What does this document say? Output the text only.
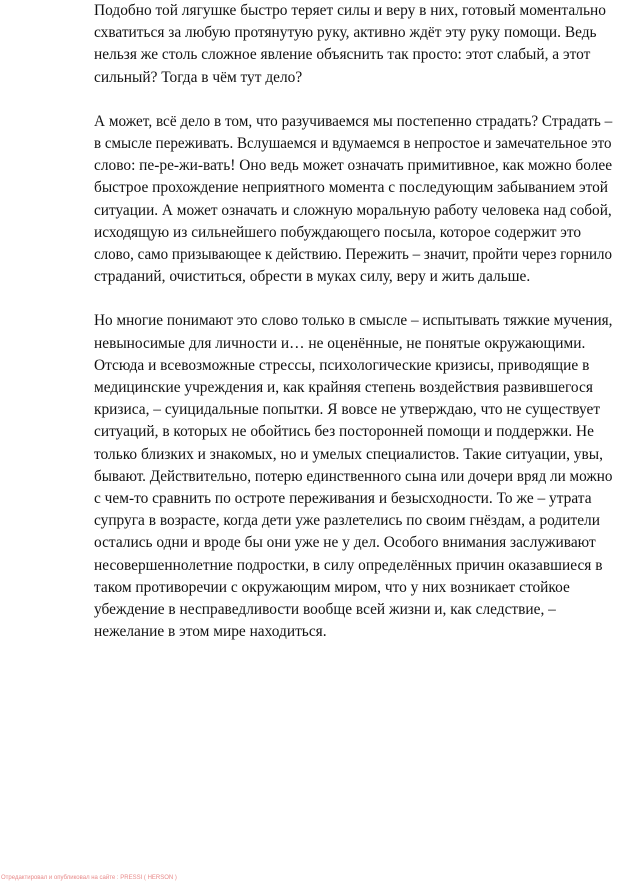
Подобно той лягушке быстро теряет силы и веру в них, готовый моментально
схватиться за любую протянутую руку, активно ждёт эту руку помощи. Ведь
нельзя же столь сложное явление объяснить так просто: этот слабый, а этот
сильный? Тогда в чём тут дело?

А может, всё дело в том, что разучиваемся мы постепенно страдать? Страдать –
в смысле переживать. Вслушаемся и вдумаемся в непростое и замечательное это
слово: пе-ре-жи-вать! Оно ведь может означать примитивное, как можно более
быстрое прохождение неприятного момента с последующим забыванием этой
ситуации. А может означать и сложную моральную работу человека над собой,
исходящую из сильнейшего побуждающего посыла, которое содержит это
слово, само призывающее к действию. Пережить – значит, пройти через горнило
страданий, очиститься, обрести в муках силу, веру и жить дальше.

Но многие понимают это слово только в смысле – испытывать тяжкие мучения,
невыносимые для личности и… не оценённые, не понятые окружающими.
Отсюда и всевозможные стрессы, психологические кризисы, приводящие в
медицинские учреждения и, как крайняя степень воздействия развившегося
кризиса, – суицидальные попытки. Я вовсе не утверждаю, что не существует
ситуаций, в которых не обойтись без посторонней помощи и поддержки. Не
только близких и знакомых, но и умелых специалистов. Такие ситуации, увы,
бывают. Действительно, потерю единственного сына или дочери вряд ли можно
с чем-то сравнить по остроте переживания и безысходности. То же – утрата
супруга в возрасте, когда дети уже разлетелись по своим гнёздам, а родители
остались одни и вроде бы они уже не у дел. Особого внимания заслуживают
несовершеннолетние подростки, в силу определённых причин оказавшиеся в
таком противоречии с окружающим миром, что у них возникает стойкое
убеждение в несправедливости вообще всей жизни и, как следствие, –
нежелание в этом мире находиться.

Отредактировал и опубликовал на сайте : PRESSI ( HERSON )
